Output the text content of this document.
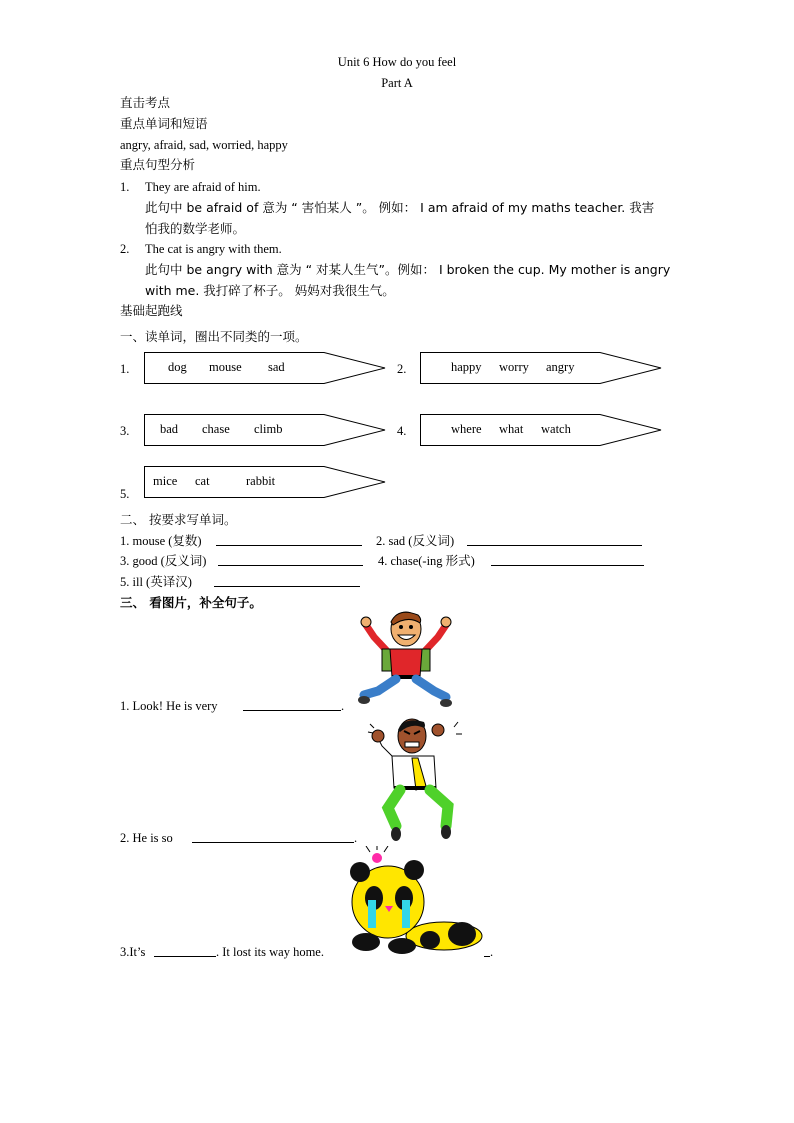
Unit 6 How do you feel
Part A
直击考点
重点单词和短语
angry, afraid, sad, worried, happy
重点句型分析
1. They are afraid of him.
此句中 be afraid of 意为 “ 害怕某人 ”。 例如： I am afraid of my maths teacher. 我害
怕我的数学老师。
2. The cat is angry with them.
此句中 be angry with 意为 “ 对某人生气”。例如： I broken the cup. My mother is angry
with me. 我打碎了杯子。 妈妈对我很生气。
基础起跑线
一、读单词，圈出不同类的一项。
1.	dog mouse sad	2.	happy worry angry
3. bad chase climb	4.	where what watch
5.
mice cat	rabbit
二、 按要求写单词。
1. mouse (复数)	2. sad (反义词)
3. good (反义词)	4. chase(-ing 形式)
5. ill (英译汉)
三、 看图片，补全句子。
1. Look! He is very	.
2. He is so	.
3.It’s	. It lost its way home.	.
